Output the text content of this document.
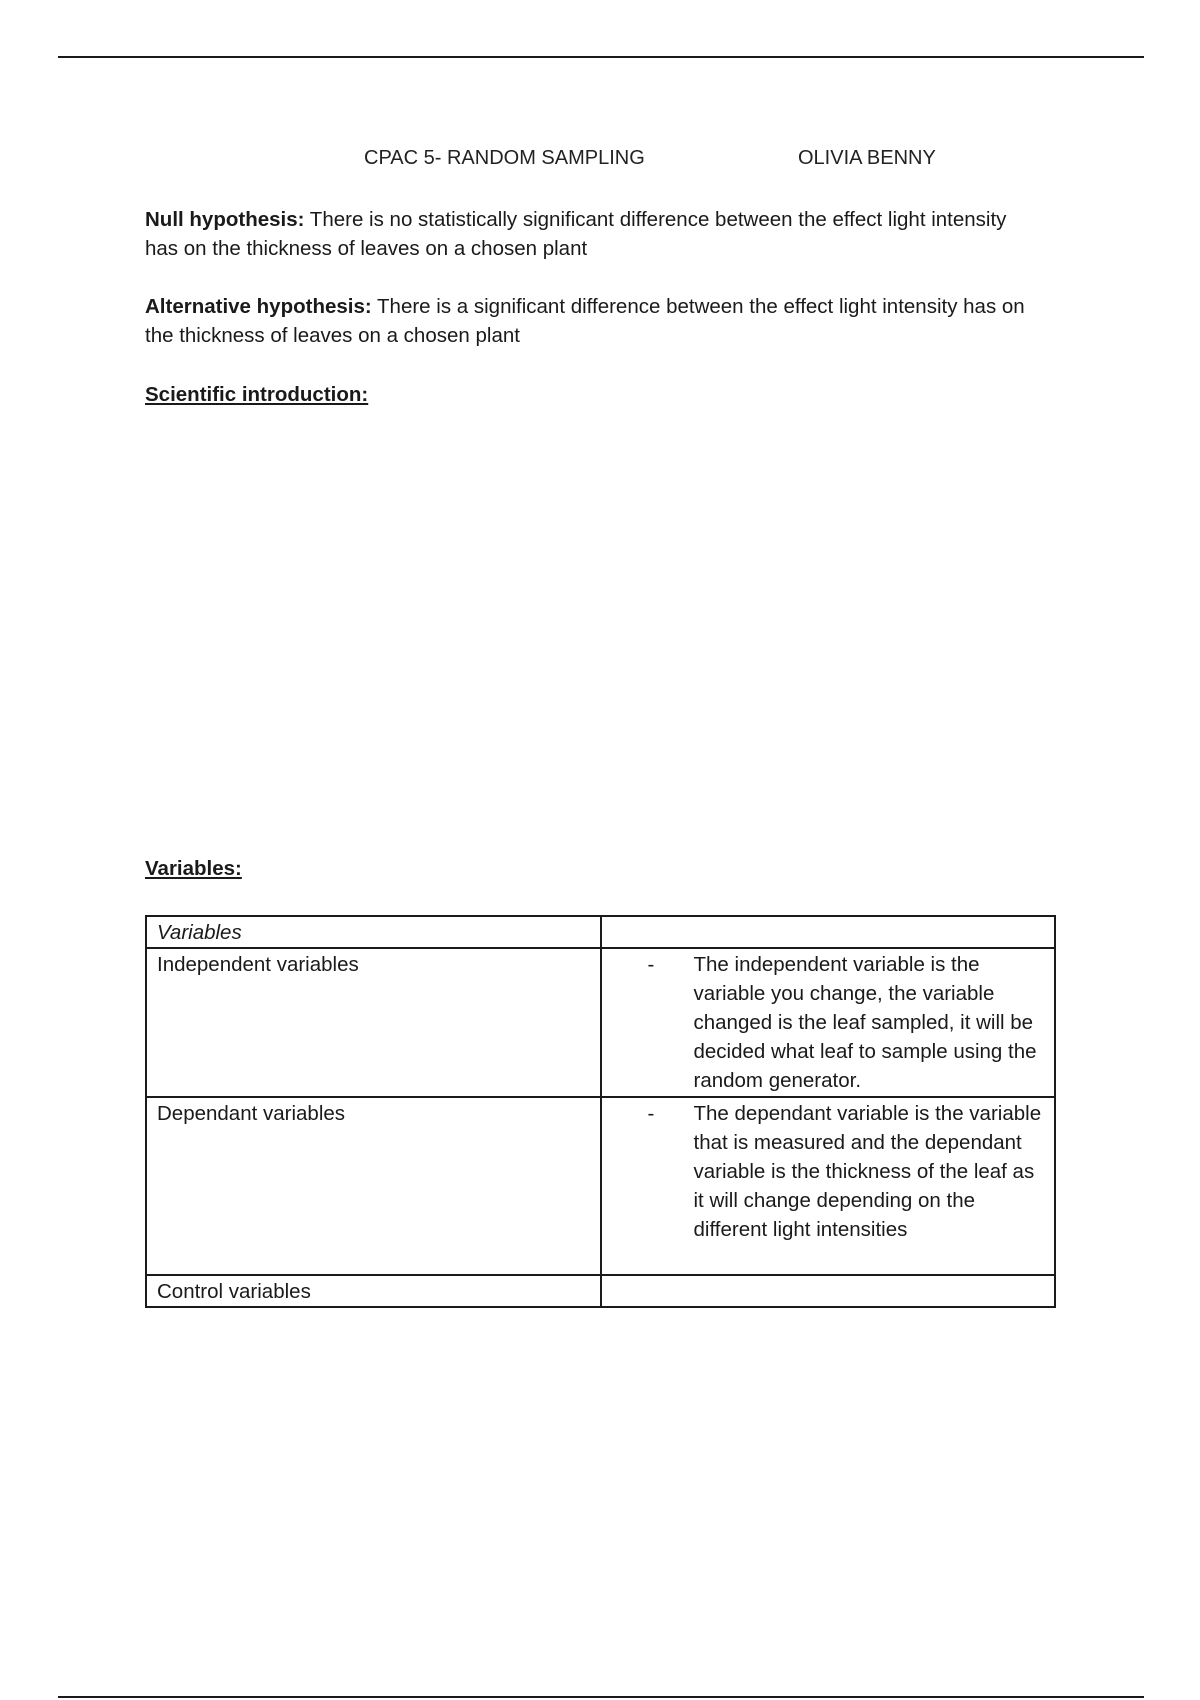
CPAC 5- RANDOM SAMPLING	OLIVIA BENNY
Null hypothesis: There is no statistically significant difference between the effect light intensity has on the thickness of leaves on a chosen plant
Alternative hypothesis: There is a significant difference between the effect light intensity has on the thickness of leaves on a chosen plant
Scientific introduction:
Variables:
Variables	
Independent variables	- The independent variable is the variable you change, the variable changed is the leaf sampled, it will be decided what leaf to sample using the random generator.

Dependant variables	- The dependant variable is the variable that is measured and the dependant variable is the thickness of the leaf as it will change depending on the different light intensities

Control variables	
